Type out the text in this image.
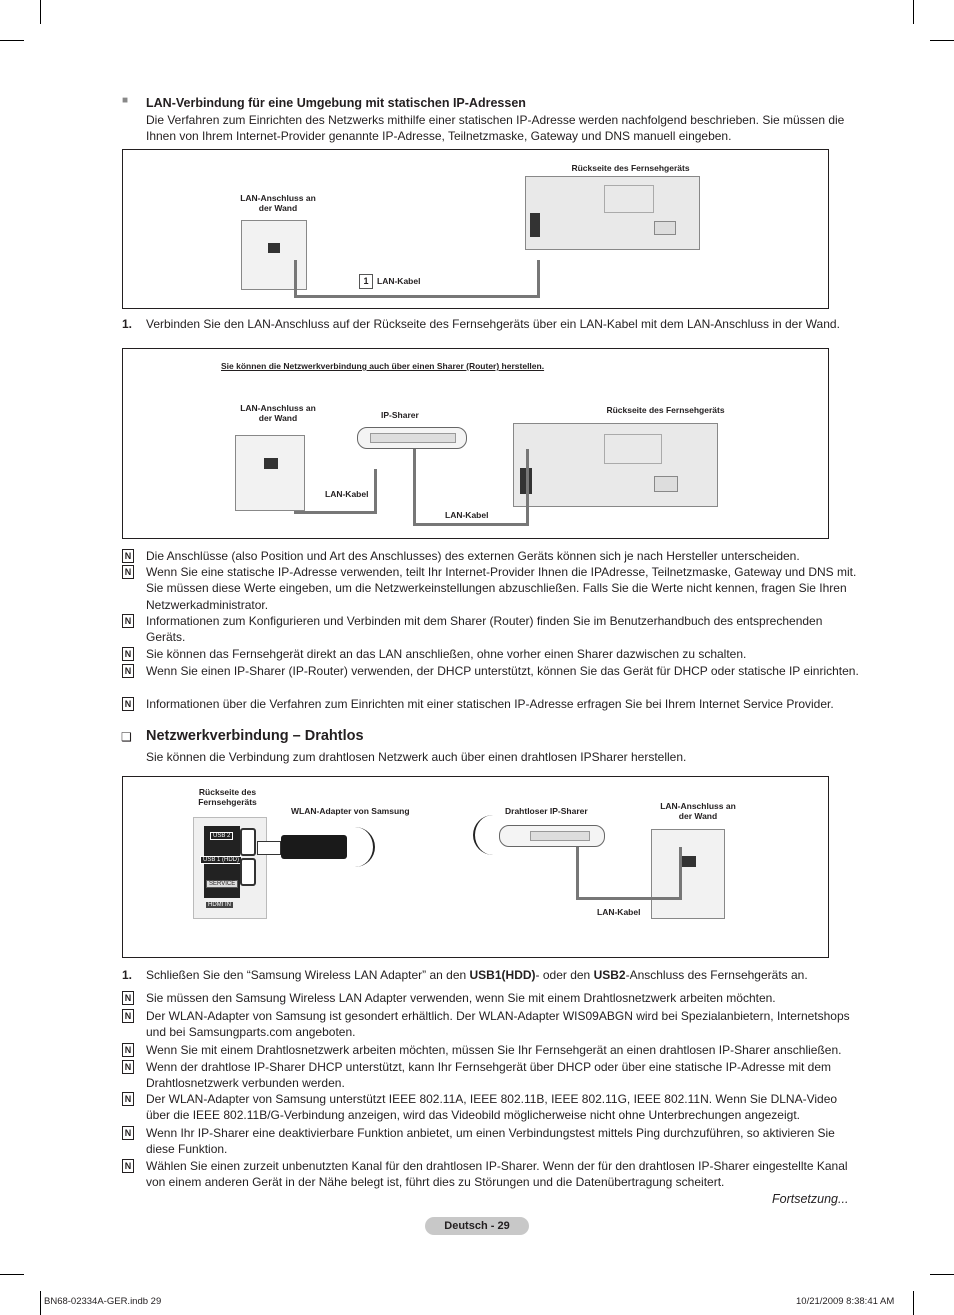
■ LAN-Verbindung für eine Umgebung mit statischen IP-Adressen
Die Verfahren zum Einrichten des Netzwerks mithilfe einer statischen IP-Adresse werden nachfolgend beschrieben. Sie müssen die Ihnen von Ihrem Internet-Provider genannte IP-Adresse, Teilnetzmaske, Gateway und DNS manuell eingeben.
LAN-Anschluss an der Wand
Rückseite des Fernsehgeräts
1	LAN-Kabel
1. Verbinden Sie den LAN-Anschluss auf der Rückseite des Fernsehgeräts über ein LAN-Kabel mit dem LAN-Anschluss in der Wand.
Sie können die Netzwerkverbindung auch über einen Sharer (Router) herstellen.
LAN-Anschluss an der Wand	IP-Sharer	Rückseite des Fernsehgeräts
LAN-Kabel
LAN-Kabel
N Die Anschlüsse (also Position und Art des Anschlusses) des externen Geräts können sich je nach Hersteller unterscheiden.
N Wenn Sie eine statische IP-Adresse verwenden, teilt Ihr Internet-Provider Ihnen die IPAdresse, Teilnetzmaske, Gateway und DNS mit. Sie müssen diese Werte eingeben, um die Netzwerkeinstellungen abzuschließen. Falls Sie die Werte nicht kennen, fragen Sie Ihren Netzwerkadministrator.
N Informationen zum Konfigurieren und Verbinden mit dem Sharer (Router) finden Sie im Benutzerhandbuch des entsprechenden Geräts.
N Sie können das Fernsehgerät direkt an das LAN anschließen, ohne vorher einen Sharer dazwischen zu schalten.
N Wenn Sie einen IP-Sharer (IP-Router) verwenden, der DHCP unterstützt, können Sie das Gerät für DHCP oder statische IP einrichten.
N Informationen über die Verfahren zum Einrichten mit einer statischen IP-Adresse erfragen Sie bei Ihrem Internet Service Provider.
❑ Netzwerkverbindung – Drahtlos
Sie können die Verbindung zum drahtlosen Netzwerk auch über einen drahtlosen IPSharer herstellen.
Rückseite des Fernsehgeräts
USB 2
USB 1 (HDD)
SERVICE
HDMI IN
WLAN-Adapter von Samsung	Drahtloser IP-Sharer	LAN-Anschluss an der Wand
LAN-Kabel
1. Schließen Sie den “Samsung Wireless LAN Adapter” an den USB1(HDD)- oder den USB2-Anschluss des Fernsehgeräts an.
N Sie müssen den Samsung Wireless LAN Adapter verwenden, wenn Sie mit einem Drahtlosnetzwerk arbeiten möchten.
N Der WLAN-Adapter von Samsung ist gesondert erhältlich. Der WLAN-Adapter WIS09ABGN wird bei Spezialanbietern, Internetshops und bei Samsungparts.com angeboten.
N Wenn Sie mit einem Drahtlosnetzwerk arbeiten möchten, müssen Sie Ihr Fernsehgerät an einen drahtlosen IP-Sharer anschließen.
N Wenn der drahtlose IP-Sharer DHCP unterstützt, kann Ihr Fernsehgerät über DHCP oder über eine statische IP-Adresse mit dem Drahtlosnetzwerk verbunden werden.
N Der WLAN-Adapter von Samsung unterstützt IEEE 802.11A, IEEE 802.11B, IEEE 802.11G, IEEE 802.11N. Wenn Sie DLNA-Video über die IEEE 802.11B/G-Verbindung anzeigen, wird das Videobild möglicherweise nicht ohne Unterbrechungen angezeigt.
N Wenn Ihr IP-Sharer eine deaktivierbare Funktion anbietet, um einen Verbindungstest mittels Ping durchzuführen, so aktivieren Sie diese Funktion.
N Wählen Sie einen zurzeit unbenutzten Kanal für den drahtlosen IP-Sharer. Wenn der für den drahtlosen IP-Sharer eingestellte Kanal von einem anderen Gerät in der Nähe belegt ist, führt dies zu Störungen und die Datenübertragung scheitert.
Fortsetzung...
Deutsch - 29
BN68-02334A-GER.indb 29	10/21/2009 8:38:41 AM
